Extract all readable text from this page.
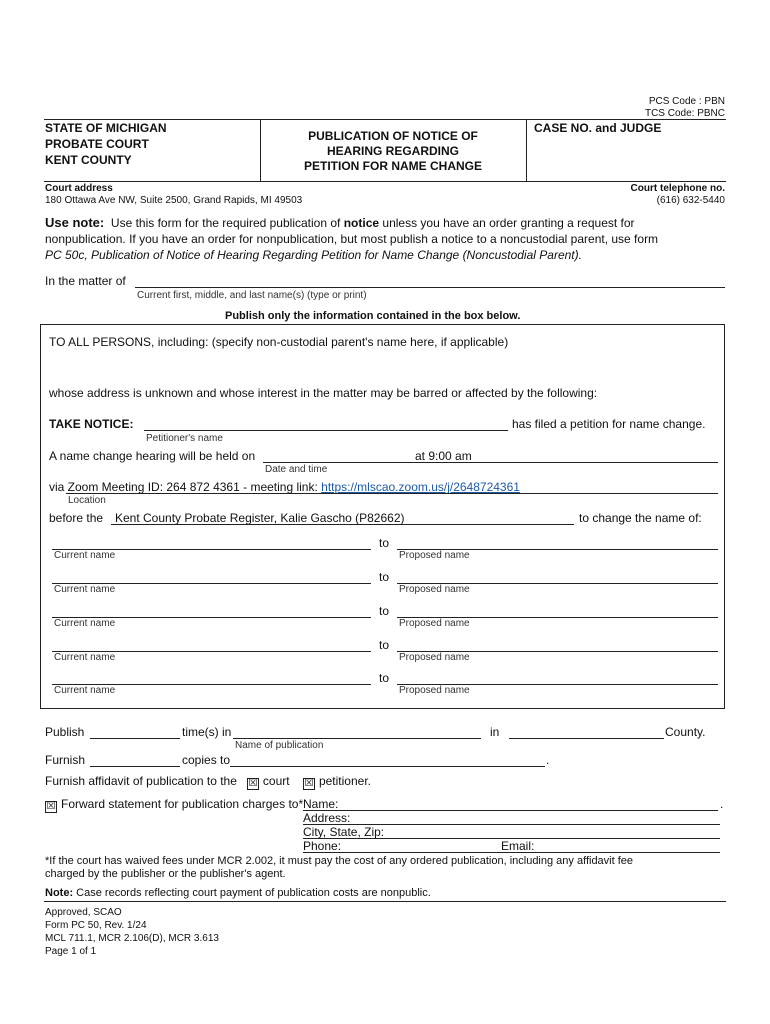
PCS Code : PBN
TCS Code: PBNC
STATE OF MICHIGAN
PROBATE COURT
KENT COUNTY
PUBLICATION OF NOTICE OF
HEARING REGARDING
PETITION FOR NAME CHANGE
CASE NO. and JUDGE
Court address
180 Ottawa Ave NW, Suite 2500, Grand Rapids, MI 49503
Court telephone no.
(616) 632-5440
Use note: Use this form for the required publication of notice unless you have an order granting a request for
nonpublication. If you have an order for nonpublication, but most publish a notice to a noncustodial parent, use form
PC 50c, Publication of Notice of Hearing Regarding Petition for Name Change (Noncustodial Parent).
In the matter of
Current first, middle, and last name(s) (type or print)
Publish only the information contained in the box below.
TO ALL PERSONS, including: (specify non-custodial parent's name here, if applicable)
whose address is unknown and whose interest in the matter may be barred or affected by the following:
TAKE NOTICE:	has filed a petition for name change.
Petitioner's name
A name change hearing will be held on	at 9:00 am
Date and time
via Zoom Meeting ID: 264 872 4361 - meeting link: https://mlscao.zoom.us/j/2648724361
Location
before the Kent County Probate Register, Kalie Gascho (P82662)	to change the name of:
to
Current name	Proposed name
to
Current name	Proposed name
to
Current name	Proposed name
to
Current name	Proposed name
to
Current name	Proposed name
Publish	time(s) in	in	County.
Name of publication
Furnish	copies to	.
Furnish affidavit of publication to the ☒ court ☒ petitioner.
☒ Forward statement for publication charges to* Name:	.
Address:
City, State, Zip:
Phone:	Email:
*If the court has waived fees under MCR 2.002, it must pay the cost of any ordered publication, including any affidavit fee
charged by the publisher or the publisher's agent.
Note: Case records reflecting court payment of publication costs are nonpublic.
Approved, SCAO
Form PC 50, Rev. 1/24
MCL 711.1, MCR 2.106(D), MCR 3.613
Page 1 of 1
